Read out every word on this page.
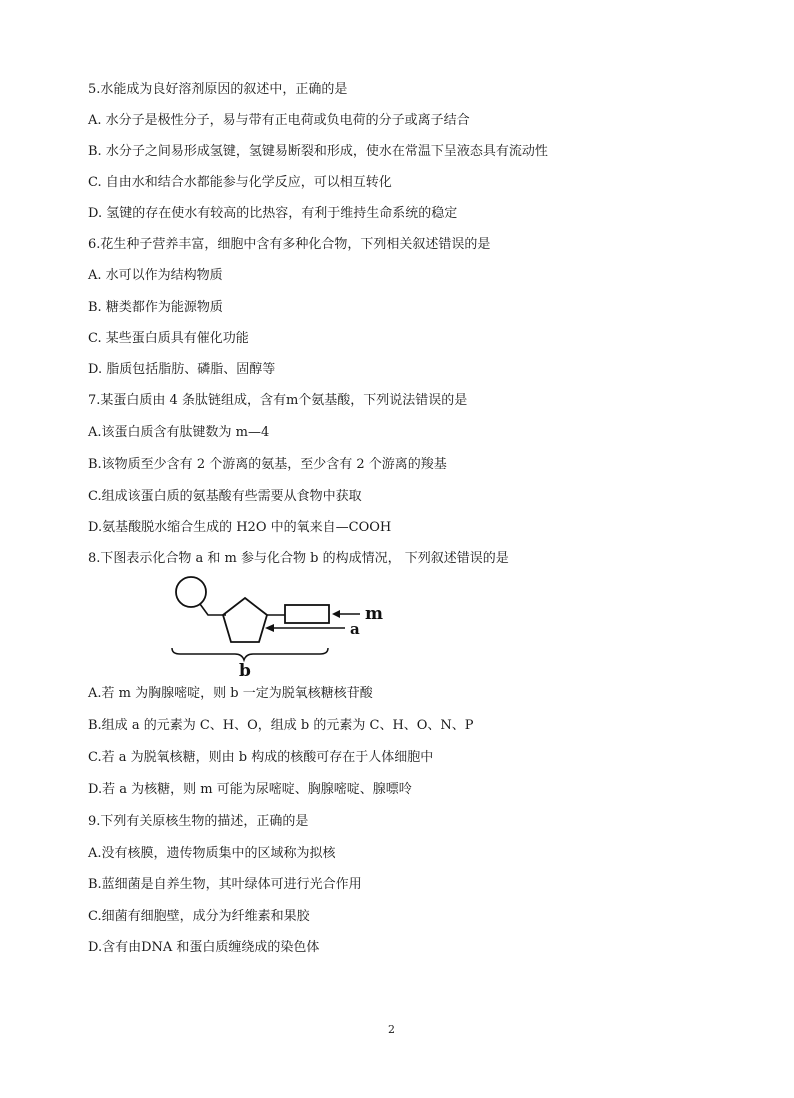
5.水能成为良好溶剂原因的叙述中，正确的是
A. 水分子是极性分子，易与带有正电荷或负电荷的分子或离子结合
B. 水分子之间易形成氢键，氢键易断裂和形成，使水在常温下呈液态具有流动性
C. 自由水和结合水都能参与化学反应，可以相互转化
D. 氢键的存在使水有较高的比热容，有利于维持生命系统的稳定
6.花生种子营养丰富，细胞中含有多种化合物，下列相关叙述错误的是
A. 水可以作为结构物质
B. 糖类都作为能源物质
C. 某些蛋白质具有催化功能
D. 脂质包括脂肪、磷脂、固醇等
7.某蛋白质由 4 条肽链组成，含有m个氨基酸，下列说法错误的是
A.该蛋白质含有肽键数为 m—4
B.该物质至少含有 2 个游离的氨基，至少含有 2 个游离的羧基
C.组成该蛋白质的氨基酸有些需要从食物中获取
D.氨基酸脱水缩合生成的 H2O 中的氧来自—COOH
8.下图表示化合物 a 和 m 参与化合物 b 的构成情况， 下列叙述错误的是
m
a
b
A.若 m 为胸腺嘧啶，则 b 一定为脱氧核糖核苷酸
B.组成 a 的元素为 C、H、O，组成 b 的元素为 C、H、O、N、P
C.若 a 为脱氧核糖，则由 b 构成的核酸可存在于人体细胞中
D.若 a 为核糖，则 m 可能为尿嘧啶、胸腺嘧啶、腺嘌呤
9.下列有关原核生物的描述，正确的是
A.没有核膜，遗传物质集中的区域称为拟核
B.蓝细菌是自养生物，其叶绿体可进行光合作用
C.细菌有细胞壁，成分为纤维素和果胶
D.含有由DNA 和蛋白质缠绕成的染色体
2
